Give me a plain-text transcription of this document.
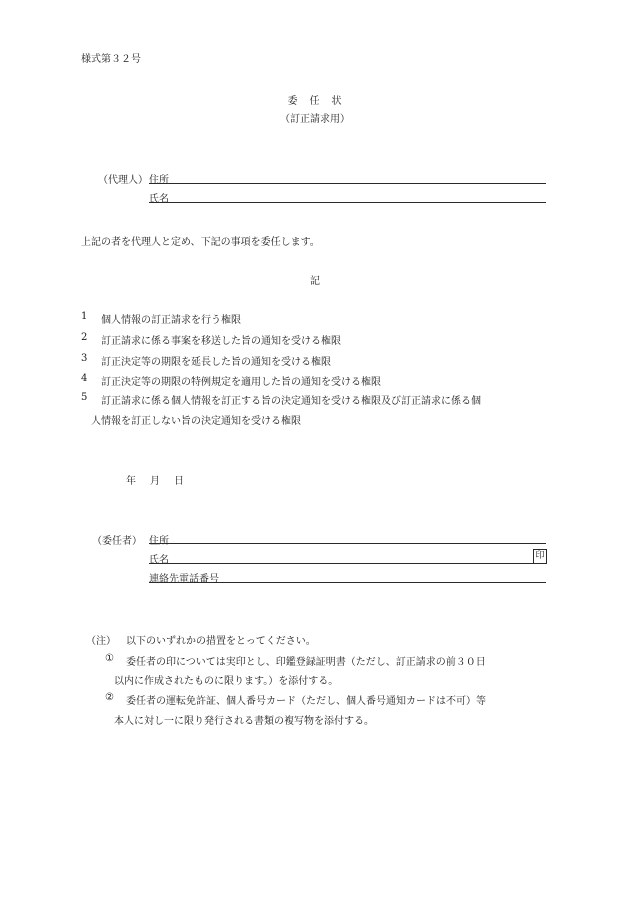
様式第３２号
委　任　状
（訂正請求用）
（代理人） 住所
氏名
上記の者を代理人と定め、下記の事項を委任します。
記
1 個人情報の訂正請求を行う権限
2 訂正請求に係る事案を移送した旨の通知を受ける権限
3 訂正決定等の期限を延長した旨の通知を受ける権限
4 訂正決定等の期限の特例規定を適用した旨の通知を受ける権限
5 訂正請求に係る個人情報を訂正する旨の決定通知を受ける権限及び訂正請求に係る個
人情報を訂正しない旨の決定通知を受ける権限
年　月　日
（委任者） 住所
氏名	印
連絡先電話番号
（注） 以下のいずれかの措置をとってください。
① 委任者の印については実印とし、印鑑登録証明書（ただし、訂正請求の前３０日
以内に作成されたものに限ります。）を添付する。
② 委任者の運転免許証、個人番号カード（ただし、個人番号通知カードは不可）等
本人に対し一に限り発行される書類の複写物を添付する。
